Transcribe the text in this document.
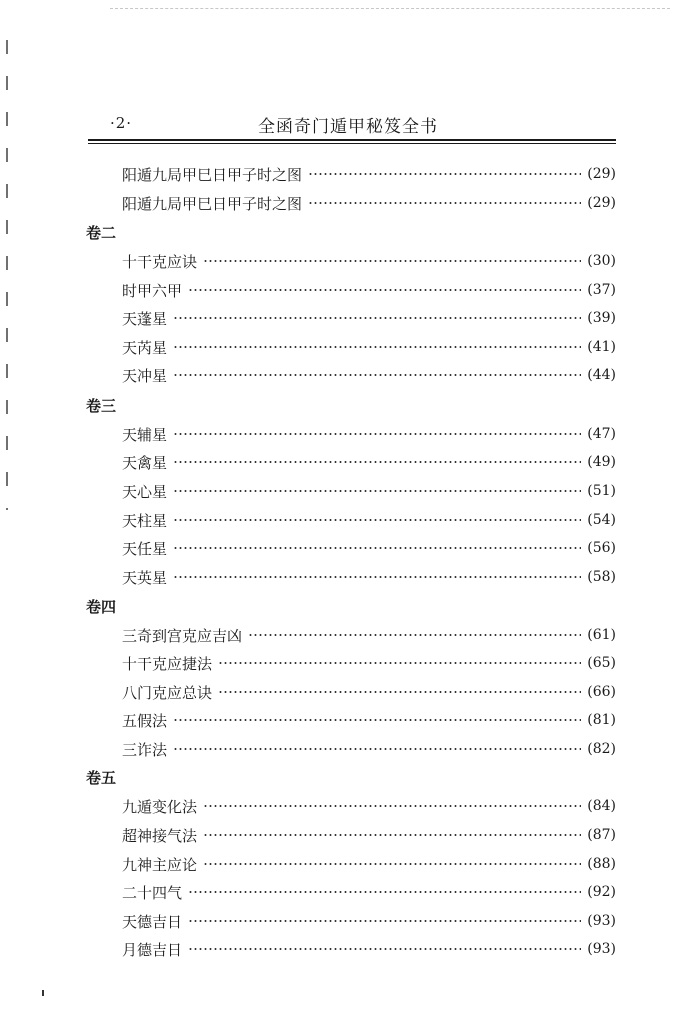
·2·	全函奇门遁甲秘笈全书
阳遁九局甲巳日甲子时之图	(29)
阳遁九局甲巳日甲子时之图	(29)
卷二
十干克应诀	(30)
时甲六甲	(37)
天蓬星	(39)
天芮星	(41)
天冲星	(44)
卷三
天辅星	(47)
天禽星	(49)
天心星	(51)
天柱星	(54)
天任星	(56)
天英星	(58)
卷四
三奇到宫克应吉凶	(61)
十干克应捷法	(65)
八门克应总诀	(66)
五假法	(81)
三诈法	(82)
卷五
九遁变化法	(84)
超神接气法	(87)
九神主应论	(88)
二十四气	(92)
天德吉日	(93)
月德吉日	(93)
